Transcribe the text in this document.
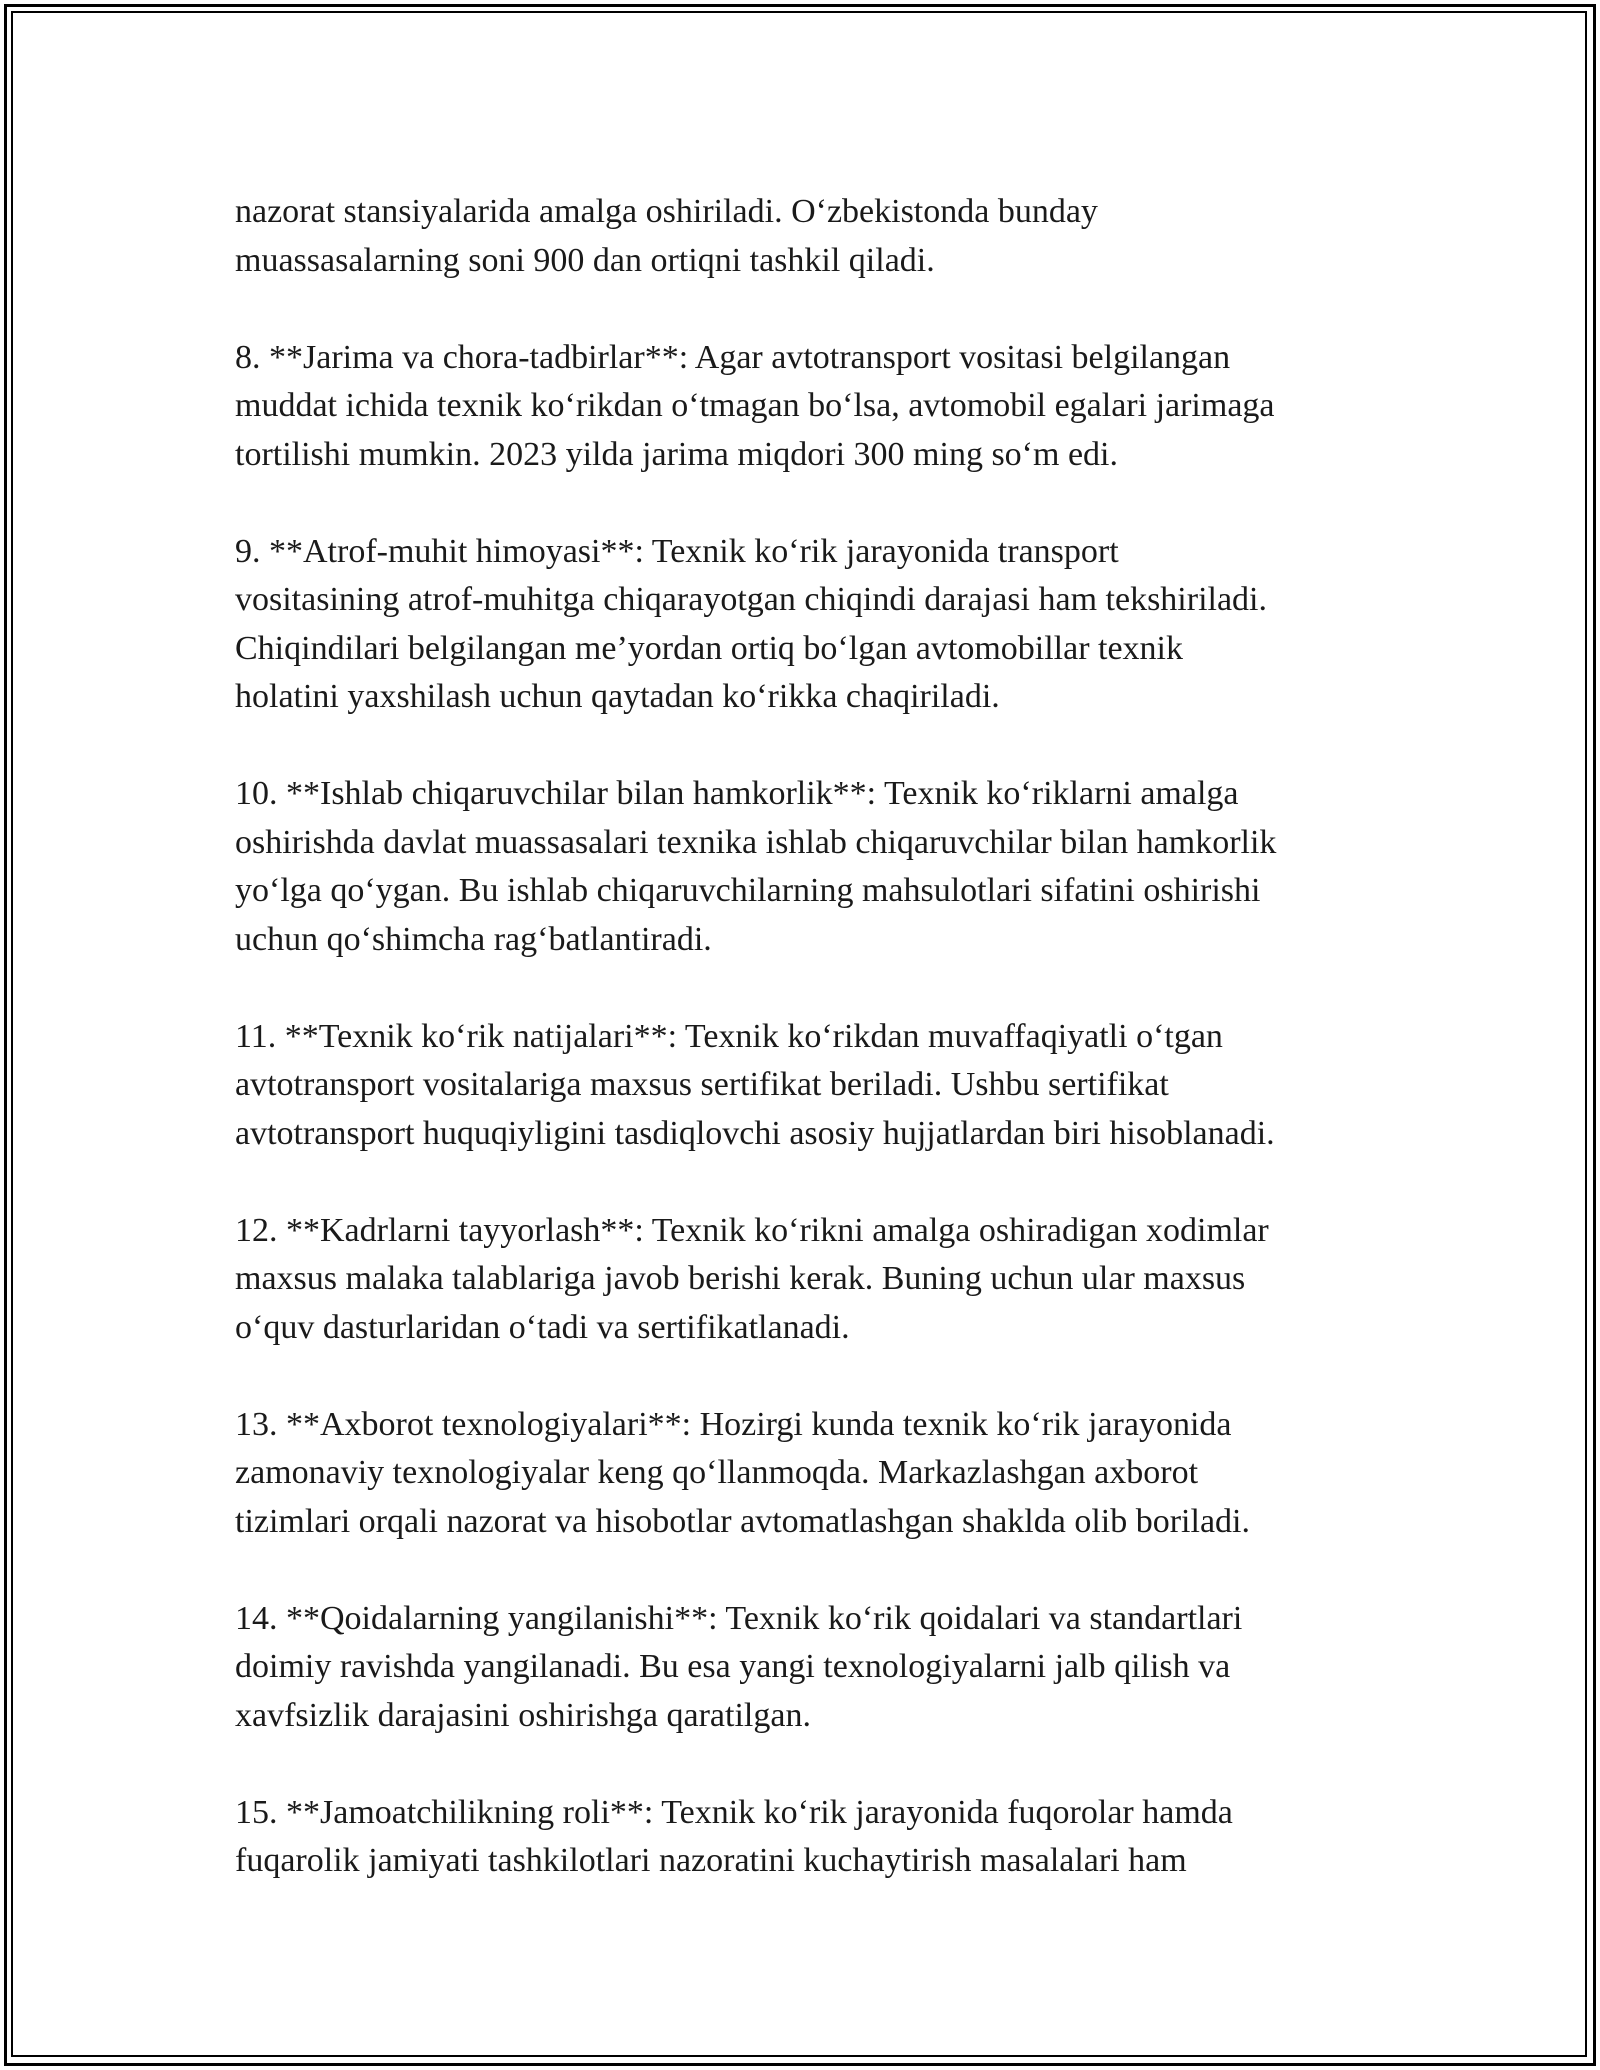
nazorat stansiyalarida amalga oshiriladi. O‘zbekistonda bunday
muassasalarning soni 900 dan ortiqni tashkil qiladi.

8. **Jarima va chora-tadbirlar**: Agar avtotransport vositasi belgilangan
muddat ichida texnik ko‘rikdan o‘tmagan bo‘lsa, avtomobil egalari jarimaga
tortilishi mumkin. 2023 yilda jarima miqdori 300 ming so‘m edi.

9. **Atrof-muhit himoyasi**: Texnik ko‘rik jarayonida transport
vositasining atrof-muhitga chiqarayotgan chiqindi darajasi ham tekshiriladi.
Chiqindilari belgilangan me’yordan ortiq bo‘lgan avtomobillar texnik
holatini yaxshilash uchun qaytadan ko‘rikka chaqiriladi.

10. **Ishlab chiqaruvchilar bilan hamkorlik**: Texnik ko‘riklarni amalga
oshirishda davlat muassasalari texnika ishlab chiqaruvchilar bilan hamkorlik
yo‘lga qo‘ygan. Bu ishlab chiqaruvchilarning mahsulotlari sifatini oshirishi
uchun qo‘shimcha rag‘batlantiradi.

11. **Texnik ko‘rik natijalari**: Texnik ko‘rikdan muvaffaqiyatli o‘tgan
avtotransport vositalariga maxsus sertifikat beriladi. Ushbu sertifikat
avtotransport huquqiyligini tasdiqlovchi asosiy hujjatlardan biri hisoblanadi.

12. **Kadrlarni tayyorlash**: Texnik ko‘rikni amalga oshiradigan xodimlar
maxsus malaka talablariga javob berishi kerak. Buning uchun ular maxsus
o‘quv dasturlaridan o‘tadi va sertifikatlanadi.

13. **Axborot texnologiyalari**: Hozirgi kunda texnik ko‘rik jarayonida
zamonaviy texnologiyalar keng qo‘llanmoqda. Markazlashgan axborot
tizimlari orqali nazorat va hisobotlar avtomatlashgan shaklda olib boriladi.

14. **Qoidalarning yangilanishi**: Texnik ko‘rik qoidalari va standartlari
doimiy ravishda yangilanadi. Bu esa yangi texnologiyalarni jalb qilish va
xavfsizlik darajasini oshirishga qaratilgan.

15. **Jamoatchilikning roli**: Texnik ko‘rik jarayonida fuqorolar hamda
fuqarolik jamiyati tashkilotlari nazoratini kuchaytirish masalalari ham
